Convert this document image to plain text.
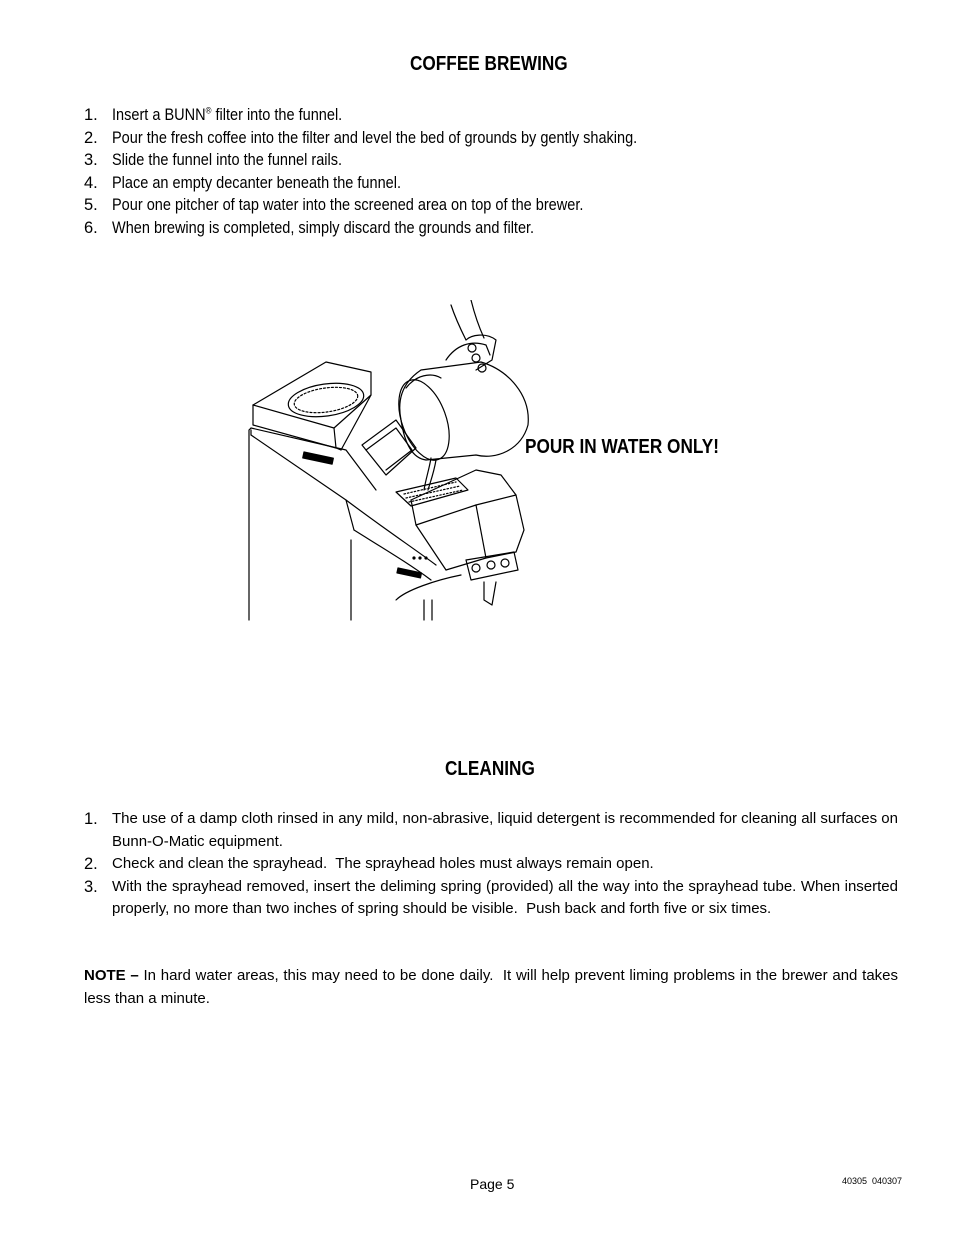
COFFEE BREWING
1. Insert a BUNN® filter into the funnel.
2. Pour the fresh coffee into the filter and level the bed of grounds by gently shaking.
3. Slide the funnel into the funnel rails.
4. Place an empty decanter beneath the funnel.
5. Pour one pitcher of tap water into the screened area on top of the brewer.
6. When brewing is completed, simply discard the grounds and filter.
POUR IN WATER ONLY!
CLEANING
1. The use of a damp cloth rinsed in any mild, non-abrasive, liquid detergent is recommended for cleaning all surfaces on Bunn-O-Matic equipment.
2. Check and clean the sprayhead.  The sprayhead holes must always remain open.
3. With the sprayhead removed, insert the deliming spring (provided) all the way into the sprayhead tube. When inserted properly, no more than two inches of spring should be visible.  Push back and forth five or six times.

NOTE – In hard water areas, this may need to be done daily.  It will help prevent liming problems in the brewer and takes less than a minute.

Page 5	40305  040307
